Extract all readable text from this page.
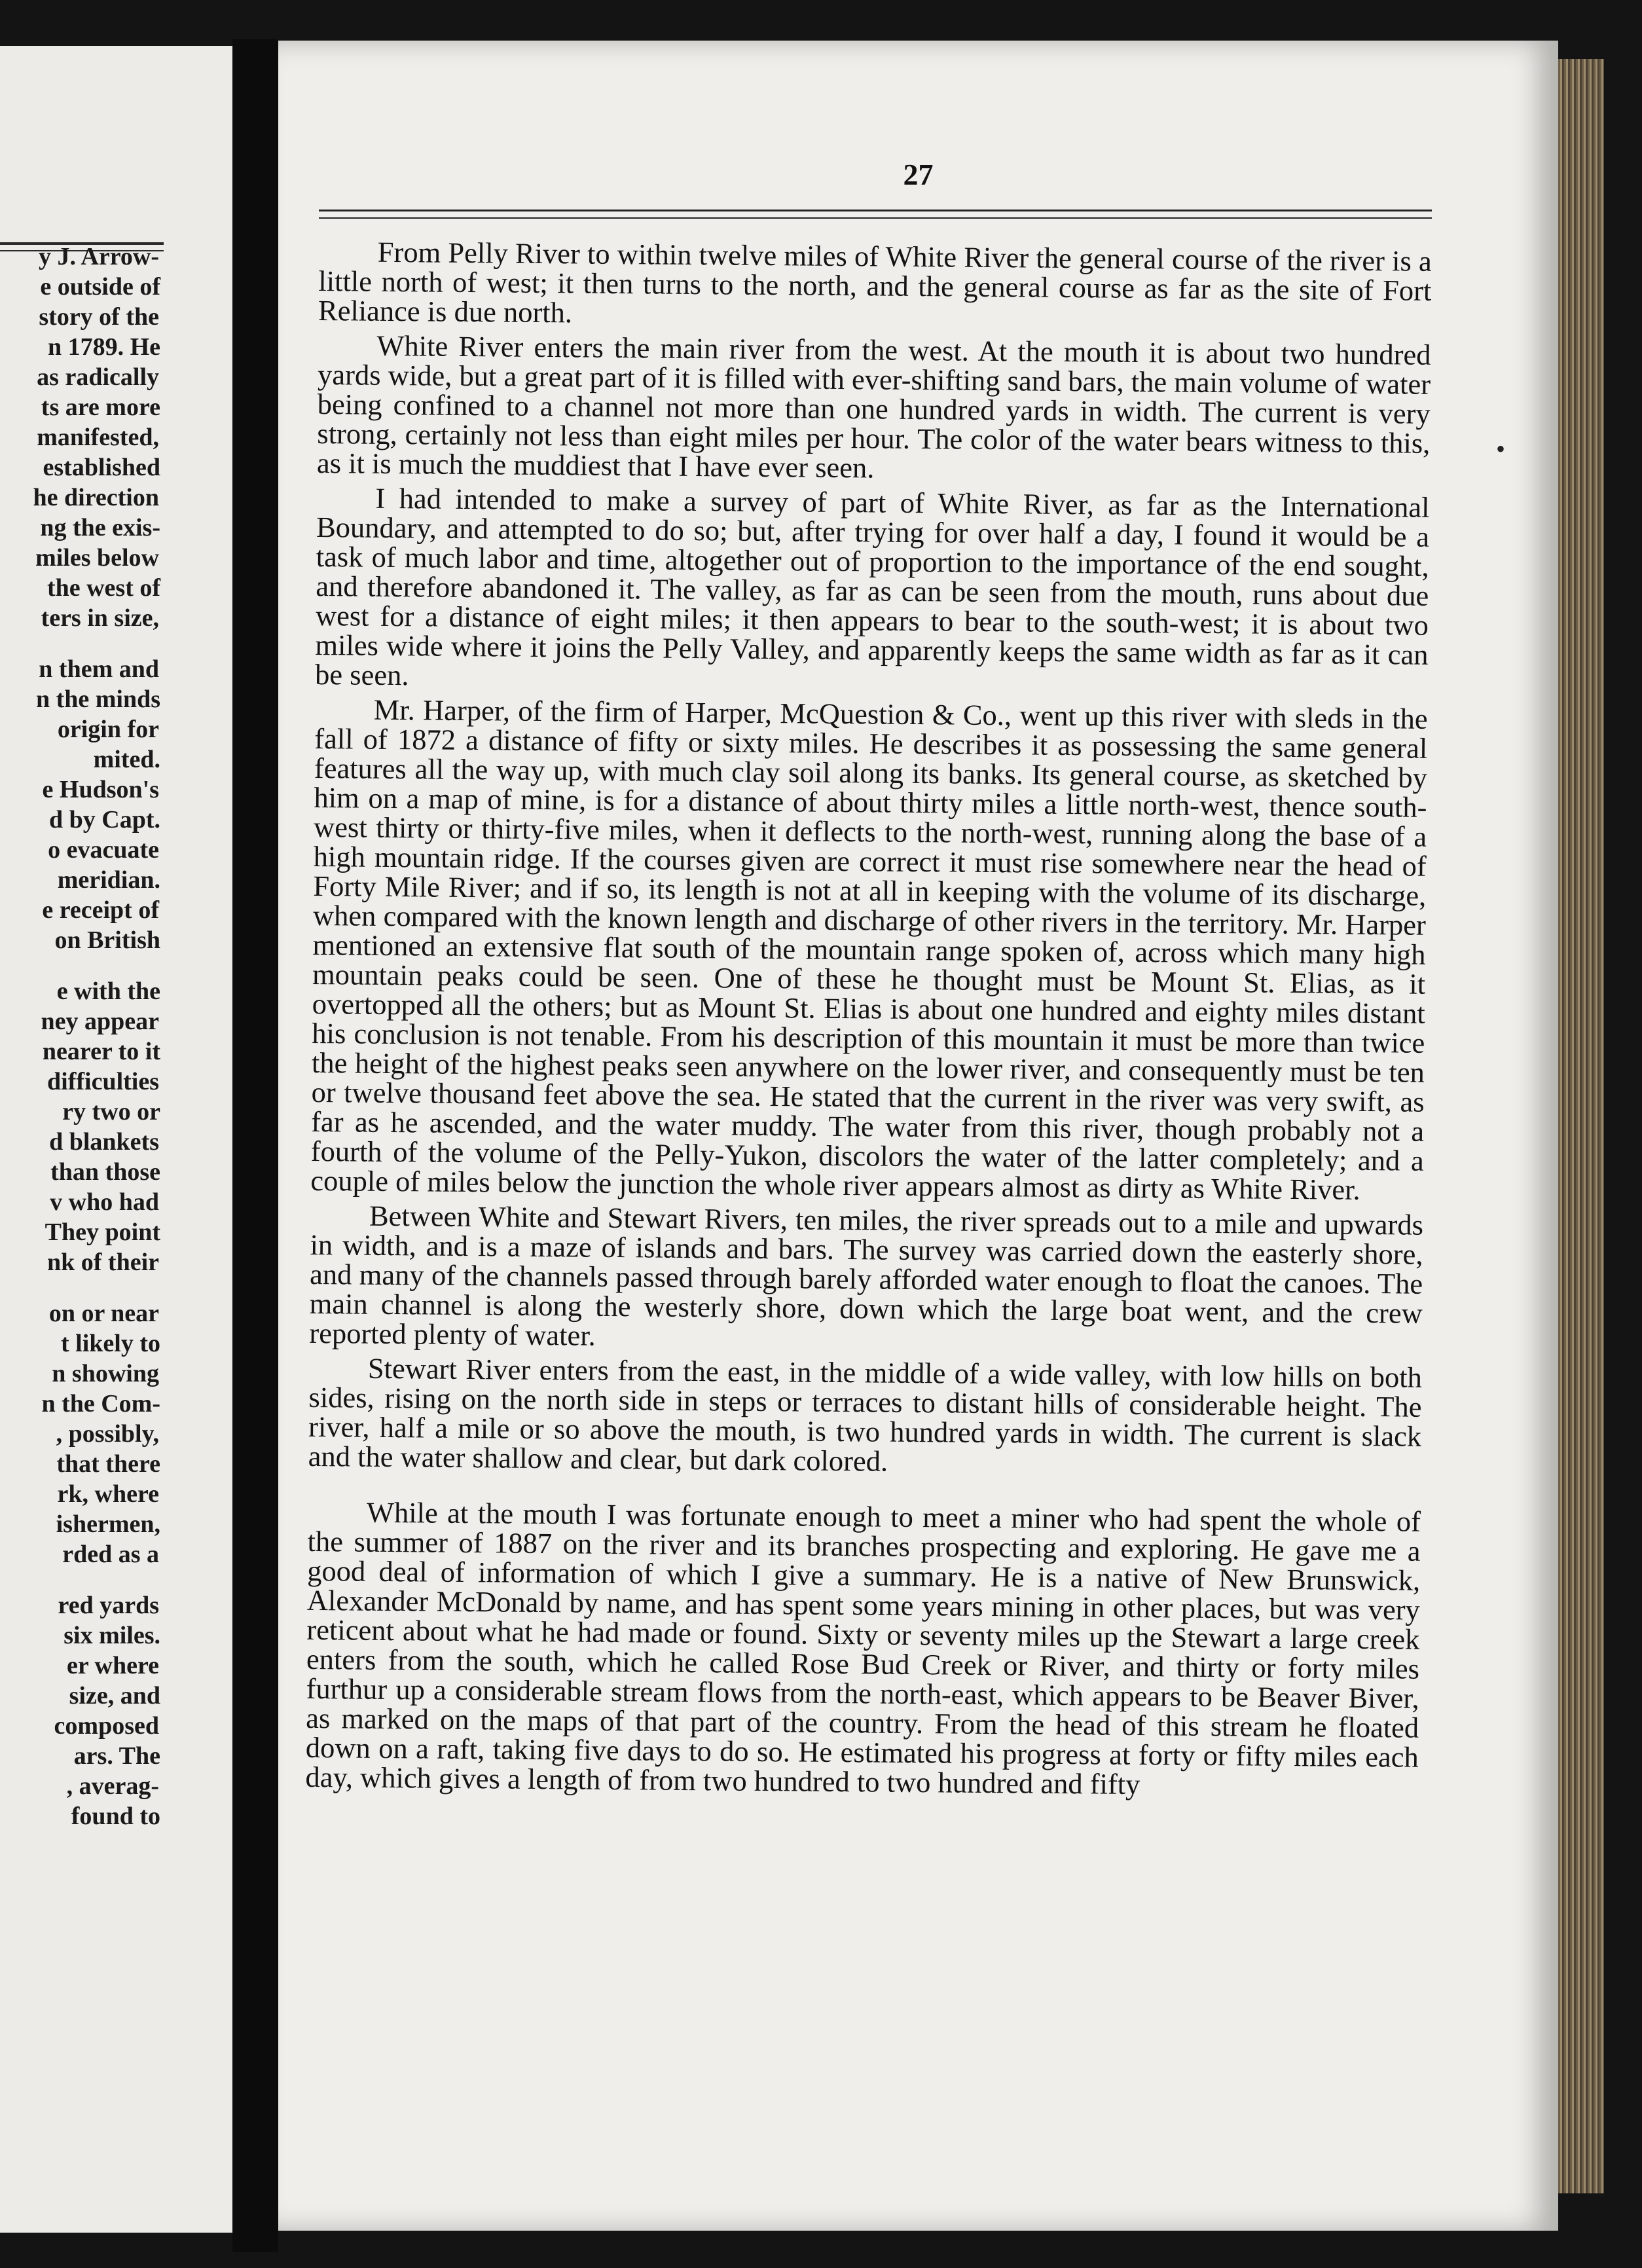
y J. Arrow-
e outside of
story of the
n 1789. He
as radically
ts are more
manifested,
established
he direction
ng the exis-
miles below
the west of
ters in size,
n them and
n the minds
origin for
mited.
e Hudson's
d by Capt.
o evacuate
meridian.
e receipt of
on British
e with the
ney appear
nearer to it
difficulties
ry two or
d blankets
than those
v who had
They point
nk of their
on or near
t likely to
n showing
n the Com-
, possibly,
that there
rk, where
ishermen,
rded as a
red yards
six miles.
er where
size, and
composed
ars. The
, averag-
found to
27

From Pelly River to within twelve miles of White River the general course of the river is a little north of west; it then turns to the north, and the general course as far as the site of Fort Reliance is due north.

White River enters the main river from the west. At the mouth it is about two hundred yards wide, but a great part of it is filled with ever-shifting sand bars, the main volume of water being confined to a channel not more than one hundred yards in width. The current is very strong, certainly not less than eight miles per hour. The color of the water bears witness to this, as it is much the muddiest that I have ever seen.

I had intended to make a survey of part of White River, as far as the International Boundary, and attempted to do so; but, after trying for over half a day, I found it would be a task of much labor and time, altogether out of proportion to the importance of the end sought, and therefore abandoned it. The valley, as far as can be seen from the mouth, runs about due west for a distance of eight miles; it then appears to bear to the south-west; it is about two miles wide where it joins the Pelly Valley, and apparently keeps the same width as far as it can be seen.

Mr. Harper, of the firm of Harper, McQuestion & Co., went up this river with sleds in the fall of 1872 a distance of fifty or sixty miles. He describes it as possessing the same general features all the way up, with much clay soil along its banks. Its general course, as sketched by him on a map of mine, is for a distance of about thirty miles a little north-west, thence south-west thirty or thirty-five miles, when it deflects to the north-west, running along the base of a high mountain ridge. If the courses given are correct it must rise somewhere near the head of Forty Mile River; and if so, its length is not at all in keeping with the volume of its discharge, when compared with the known length and discharge of other rivers in the territory. Mr. Harper mentioned an extensive flat south of the mountain range spoken of, across which many high mountain peaks could be seen. One of these he thought must be Mount St. Elias, as it overtopped all the others; but as Mount St. Elias is about one hundred and eighty miles distant his conclusion is not tenable. From his description of this mountain it must be more than twice the height of the highest peaks seen anywhere on the lower river, and consequently must be ten or twelve thousand feet above the sea. He stated that the current in the river was very swift, as far as he ascended, and the water muddy. The water from this river, though probably not a fourth of the volume of the Pelly-Yukon, discolors the water of the latter completely; and a couple of miles below the junction the whole river appears almost as dirty as White River.

Between White and Stewart Rivers, ten miles, the river spreads out to a mile and upwards in width, and is a maze of islands and bars. The survey was carried down the easterly shore, and many of the channels passed through barely afforded water enough to float the canoes. The main channel is along the westerly shore, down which the large boat went, and the crew reported plenty of water.

Stewart River enters from the east, in the middle of a wide valley, with low hills on both sides, rising on the north side in steps or terraces to distant hills of considerable height. The river, half a mile or so above the mouth, is two hundred yards in width. The current is slack and the water shallow and clear, but dark colored.

While at the mouth I was fortunate enough to meet a miner who had spent the whole of the summer of 1887 on the river and its branches prospecting and exploring. He gave me a good deal of information of which I give a summary. He is a native of New Brunswick, Alexander McDonald by name, and has spent some years mining in other places, but was very reticent about what he had made or found. Sixty or seventy miles up the Stewart a large creek enters from the south, which he called Rose Bud Creek or River, and thirty or forty miles furthur up a considerable stream flows from the north-east, which appears to be Beaver Biver, as marked on the maps of that part of the country. From the head of this stream he floated down on a raft, taking five days to do so. He estimated his progress at forty or fifty miles each day, which gives a length of from two hundred to two hundred and fifty

•
